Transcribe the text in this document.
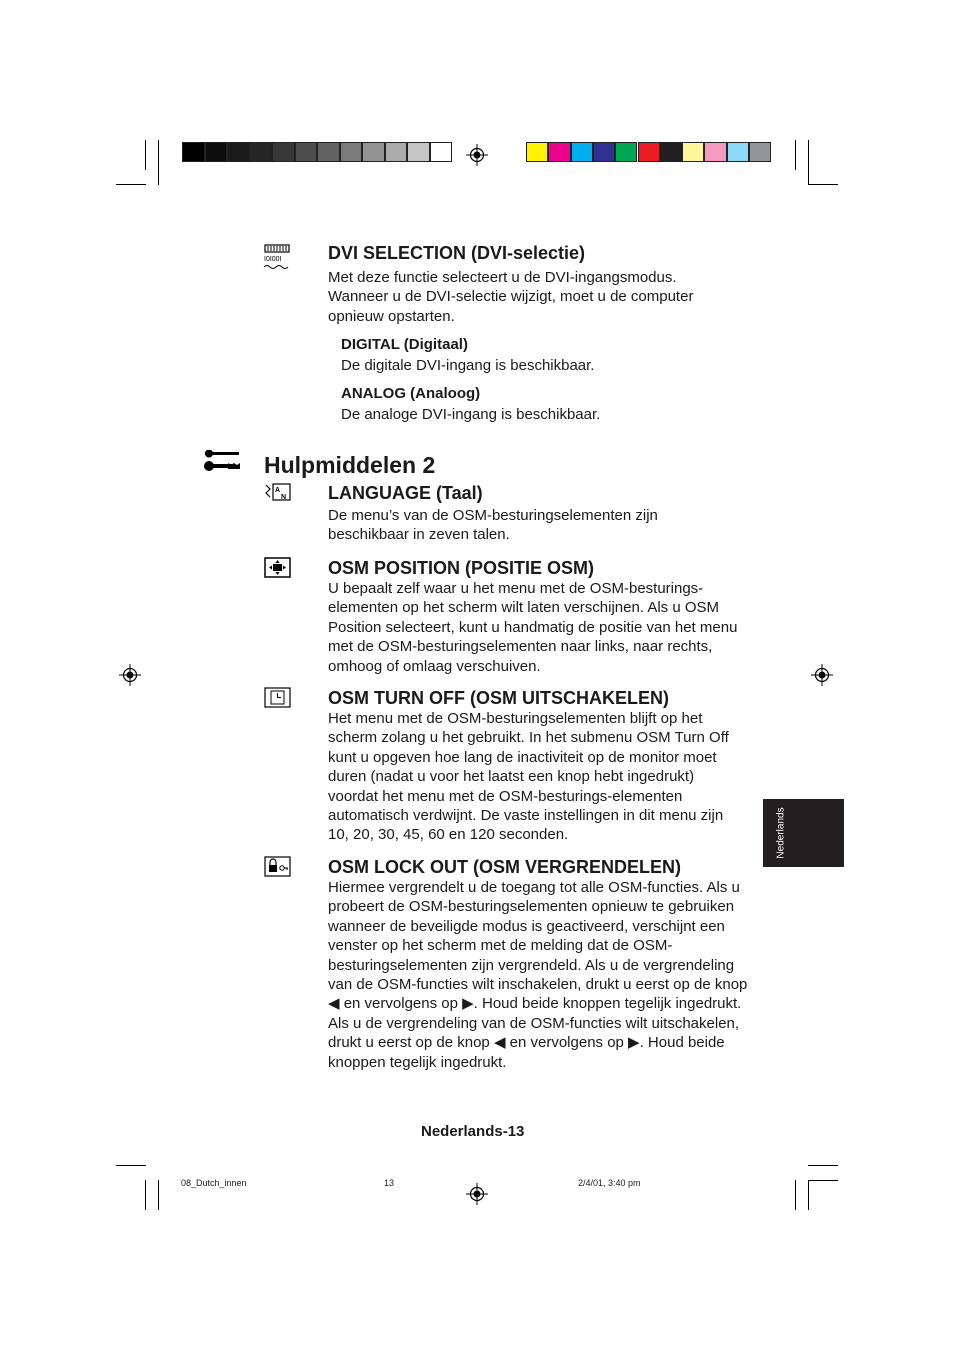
I0I00I	DVI SELECTION (DVI-selectie)

Met deze functie selecteert u de DVI-ingangsmodus. Wanneer u de DVI-selectie wijzigt, moet u de computer opnieuw opstarten.

DIGITAL (Digitaal)

De digitale DVI-ingang is beschikbaar.

ANALOG (Analoog)

De analoge DVI-ingang is beschikbaar.

Hulpmiddelen 2
A
N LANGUAGE (Taal)

De menu’s van de OSM-besturingselementen zijn beschikbaar in zeven talen.

OSM POSITION (POSITIE OSM)

U bepaalt zelf waar u het menu met de OSM-besturings-elementen op het scherm wilt laten verschijnen. Als u OSM Position selecteert, kunt u handmatig de positie van het menu met de OSM-besturingselementen naar links, naar rechts, omhoog of omlaag verschuiven.

OSM TURN OFF (OSM UITSCHAKELEN)

Het menu met de OSM-besturingselementen blijft op het scherm zolang u het gebruikt. In het submenu OSM Turn Off kunt u opgeven hoe lang de inactiviteit op de monitor moet duren (nadat u voor het laatst een knop hebt ingedrukt) voordat het menu met de OSM-besturings-elementen automatisch verdwijnt. De vaste instellingen in dit menu zijn 10, 20, 30, 45, 60 en 120 seconden.

OSM LOCK OUT (OSM VERGRENDELEN)

Hiermee vergrendelt u de toegang tot alle OSM-functies. Als u probeert de OSM-besturingselementen opnieuw te gebruiken wanneer de beveiligde modus is geactiveerd, verschijnt een venster op het scherm met de melding dat de OSM-besturingselementen zijn vergrendeld. Als u de vergrendeling van de OSM-functies wilt inschakelen, drukt u eerst op de knop ◀ en vervolgens op ▶. Houd beide knoppen tegelijk ingedrukt. Als u de vergrendeling van de OSM-functies wilt uitschakelen, drukt u eerst op de knop ◀ en vervolgens op ▶. Houd beide knoppen tegelijk ingedrukt.

Nederlands
Nederlands-13
08_Dutch_innen	13	2/4/01, 3:40 pm
